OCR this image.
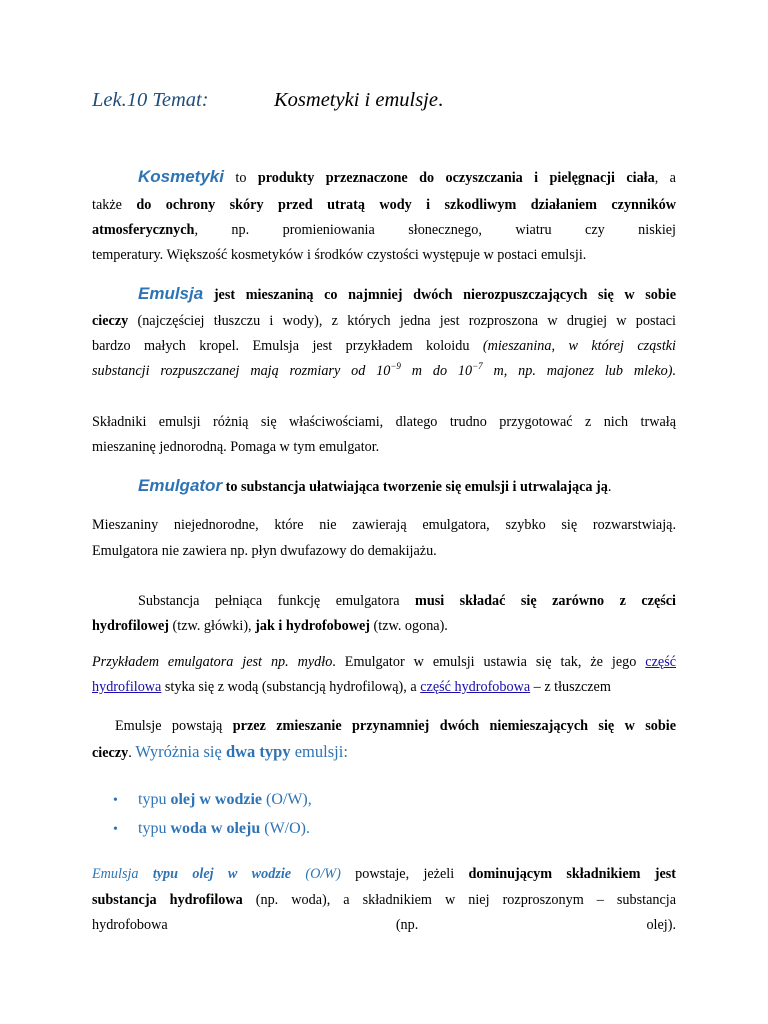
Lek.10 Temat:	Kosmetyki i emulsje.
Kosmetyki to produkty przeznaczone do oczyszczania i pielęgnacji ciała, a
także do ochrony skóry przed utratą wody i szkodliwym działaniem czynników
atmosferycznych, np. promieniowania słonecznego, wiatru czy niskiej
temperatury. Większość kosmetyków i środków czystości występuje w postaci emulsji.
Emulsja jest mieszaniną co najmniej dwóch nierozpuszczających się w sobie
cieczy (najczęściej tłuszczu i wody), z których jedna jest rozproszona w drugiej w postaci
bardzo małych kropel. Emulsja jest przykładem koloidu (mieszanina, w której cząstki
substancji rozpuszczanej mają rozmiary od $10^{-9}$ m do $10^{-7}$ m, np. majonez lub mleko).
Składniki emulsji różnią się właściwościami, dlatego trudno przygotować z nich trwałą
mieszaninę jednorodną. Pomaga w tym emulgator.
Emulgator to substancja ułatwiająca tworzenie się emulsji i utrwalająca ją.
Mieszaniny niejednorodne, które nie zawierają emulgatora, szybko się rozwarstwiają.
Emulgatora nie zawiera np. płyn dwufazowy do demakijażu.
Substancja pełniąca funkcję emulgatora musi składać się zarówno z części
hydrofilowej (tzw. główki), jak i hydrofobowej (tzw. ogona).
Przykładem emulgatora jest np. mydło. Emulgator w emulsji ustawia się tak, że jego część
hydrofilowa styka się z wodą (substancją hydrofilową), a część hydrofobowa – z tłuszczem
Emulsje powstają przez zmieszanie przynamniej dwóch niemieszających się w sobie
cieczy. Wyróżnia się dwa typy emulsji:
• typu olej w wodzie (O/W),
• typu woda w oleju (W/O).
Emulsja typu olej w wodzie (O/W) powstaje, jeżeli dominującym składnikiem jest
substancja hydrofilowa (np. woda), a składnikiem w niej rozproszonym – substancja
hydrofobowa (np. olej).
